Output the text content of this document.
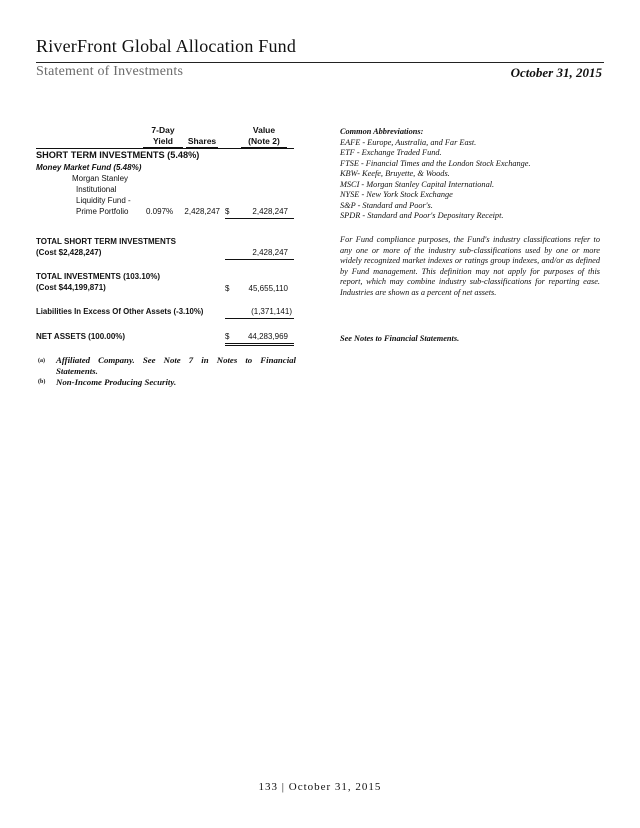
RiverFront Global Allocation Fund
Statement of Investments	October 31, 2015
7-Day
Yield	Shares
Value
(Note 2)
SHORT TERM INVESTMENTS (5.48%)
Money Market Fund (5.48%)
Morgan Stanley
Institutional
Liquidity Fund -
Prime Portfolio 0.097%	2,428,247 $	2,428,247
TOTAL SHORT TERM INVESTMENTS
(Cost $2,428,247)	2,428,247
TOTAL INVESTMENTS (103.10%)
(Cost $44,199,871)	$	45,655,110
Liabilities In Excess Of Other Assets (-3.10%)	(1,371,141)
NET ASSETS (100.00%)	$	44,283,969
(a) Affiliated Company. See Note 7 in Notes to Financial
Statements.
(b) Non-Income Producing Security.
Common Abbreviations:
EAFE - Europe, Australia, and Far East.
ETF - Exchange Traded Fund.
FTSE - Financial Times and the London Stock Exchange.
KBW- Keefe, Bruyette, & Woods.
MSCI - Morgan Stanley Capital International.
NYSE - New York Stock Exchange
S&P - Standard and Poor's.
SPDR - Standard and Poor's Depositary Receipt.
For Fund compliance purposes, the Fund's industry classifications refer to any one or more of the industry sub-classifications used by one or more widely recognized market indexes or ratings group indexes, and/or as defined by Fund management. This definition may not apply for purposes of this report, which may combine industry sub-classifications for reporting ease. Industries are shown as a percent of net assets.
See Notes to Financial Statements.
133 | October 31, 2015
